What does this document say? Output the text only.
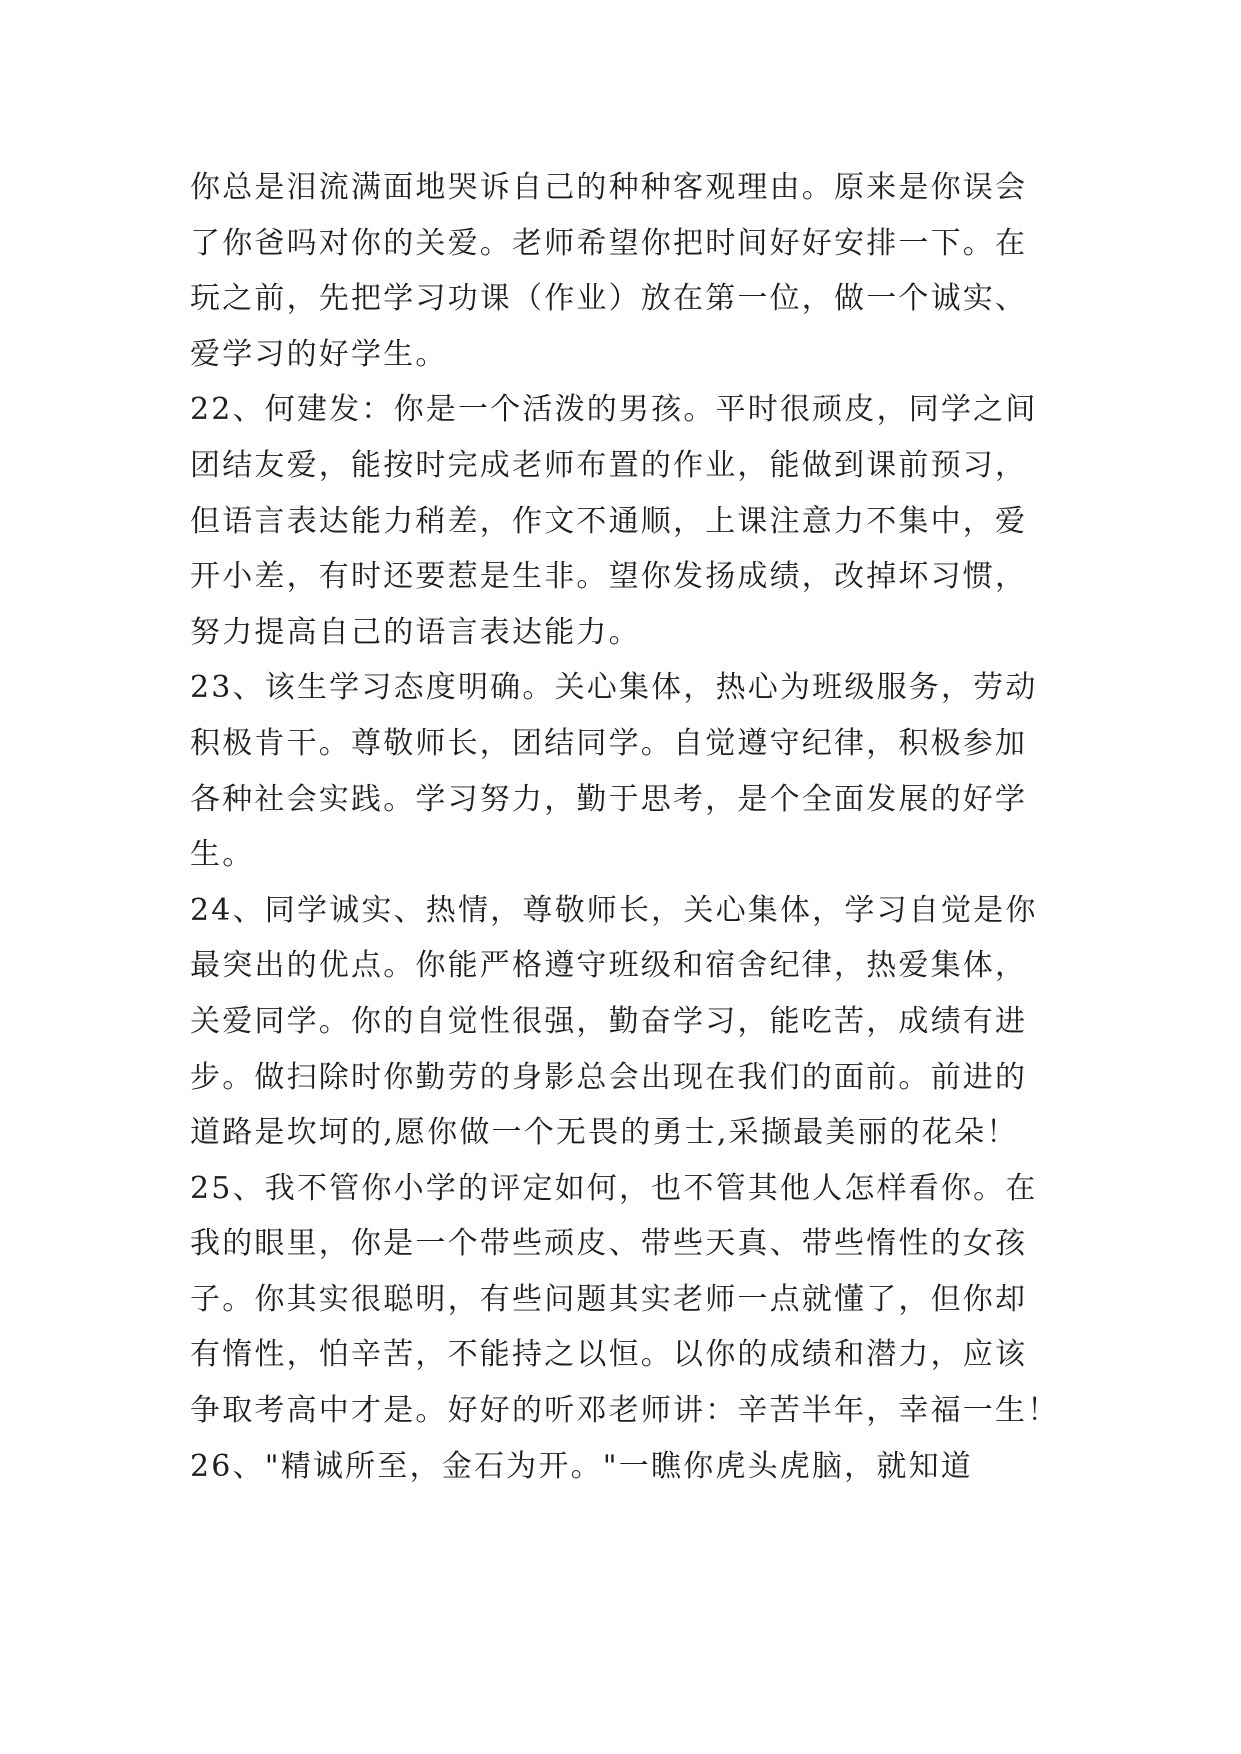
你总是泪流满面地哭诉自己的种种客观理由。原来是你误会
了你爸吗对你的关爱。老师希望你把时间好好安排一下。在
玩之前，先把学习功课（作业）放在第一位，做一个诚实、
爱学习的好学生。
22、何建发：你是一个活泼的男孩。平时很顽皮，同学之间
团结友爱，能按时完成老师布置的作业，能做到课前预习，
但语言表达能力稍差，作文不通顺，上课注意力不集中，爱
开小差，有时还要惹是生非。望你发扬成绩，改掉坏习惯，
努力提高自己的语言表达能力。
23、该生学习态度明确。关心集体，热心为班级服务，劳动
积极肯干。尊敬师长，团结同学。自觉遵守纪律，积极参加
各种社会实践。学习努力，勤于思考，是个全面发展的好学
生。
24、同学诚实、热情，尊敬师长，关心集体，学习自觉是你
最突出的优点。你能严格遵守班级和宿舍纪律，热爱集体，
关爱同学。你的自觉性很强，勤奋学习，能吃苦，成绩有进
步。做扫除时你勤劳的身影总会出现在我们的面前。前进的
道路是坎坷的,愿你做一个无畏的勇士,采撷最美丽的花朵！
25、我不管你小学的评定如何，也不管其他人怎样看你。在
我的眼里，你是一个带些顽皮、带些天真、带些惰性的女孩
子。你其实很聪明，有些问题其实老师一点就懂了，但你却
有惰性，怕辛苦，不能持之以恒。以你的成绩和潜力，应该
争取考高中才是。好好的听邓老师讲：辛苦半年，幸福一生！
26、"精诚所至，金石为开。"一瞧你虎头虎脑，就知道
